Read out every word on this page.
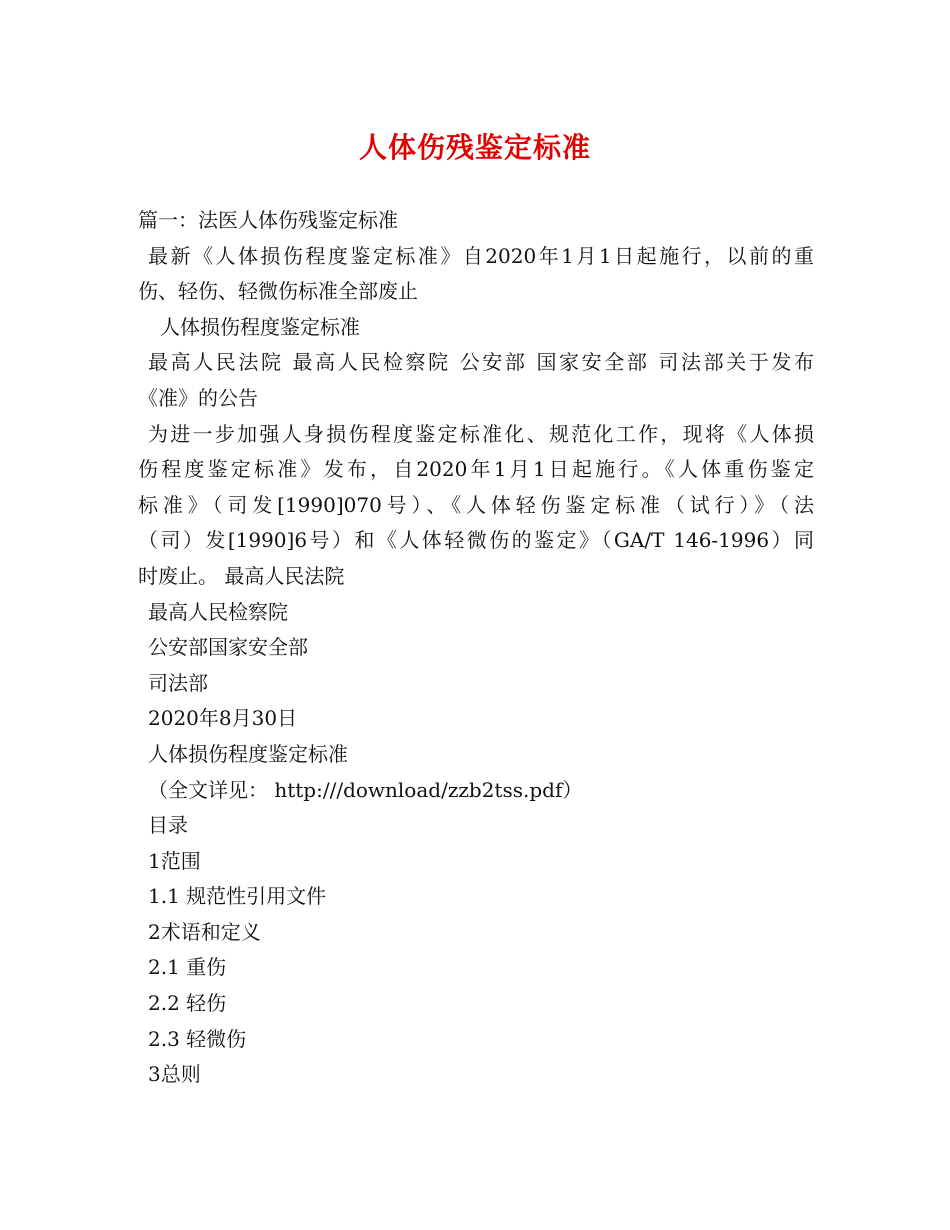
人体伤残鉴定标准
篇一：法医人体伤残鉴定标准
最新《人体损伤程度鉴定标准》自2020年1月1日起施行，以前的重
伤、轻伤、轻微伤标准全部废止
人体损伤程度鉴定标准
最高人民法院 最高人民检察院 公安部 国家安全部 司法部关于发布
《准》的公告
为进一步加强人身损伤程度鉴定标准化、规范化工作，现将《人体损
伤程度鉴定标准》发布，自2020年1月1日起施行。《人体重伤鉴定
标准》（司发[1990]070号）、《人体轻伤鉴定标准（试行）》（法
（司）发[1990]6号）和《人体轻微伤的鉴定》（GA/T 146-1996）同
时废止。 最高人民法院
最高人民检察院
公安部国家安全部
司法部
2020年8月30日
人体损伤程度鉴定标准
（全文详见： http:///download/zzb2tss.pdf）
目录
1范围
1.1 规范性引用文件
2术语和定义
2.1 重伤
2.2 轻伤
2.3 轻微伤
3总则
